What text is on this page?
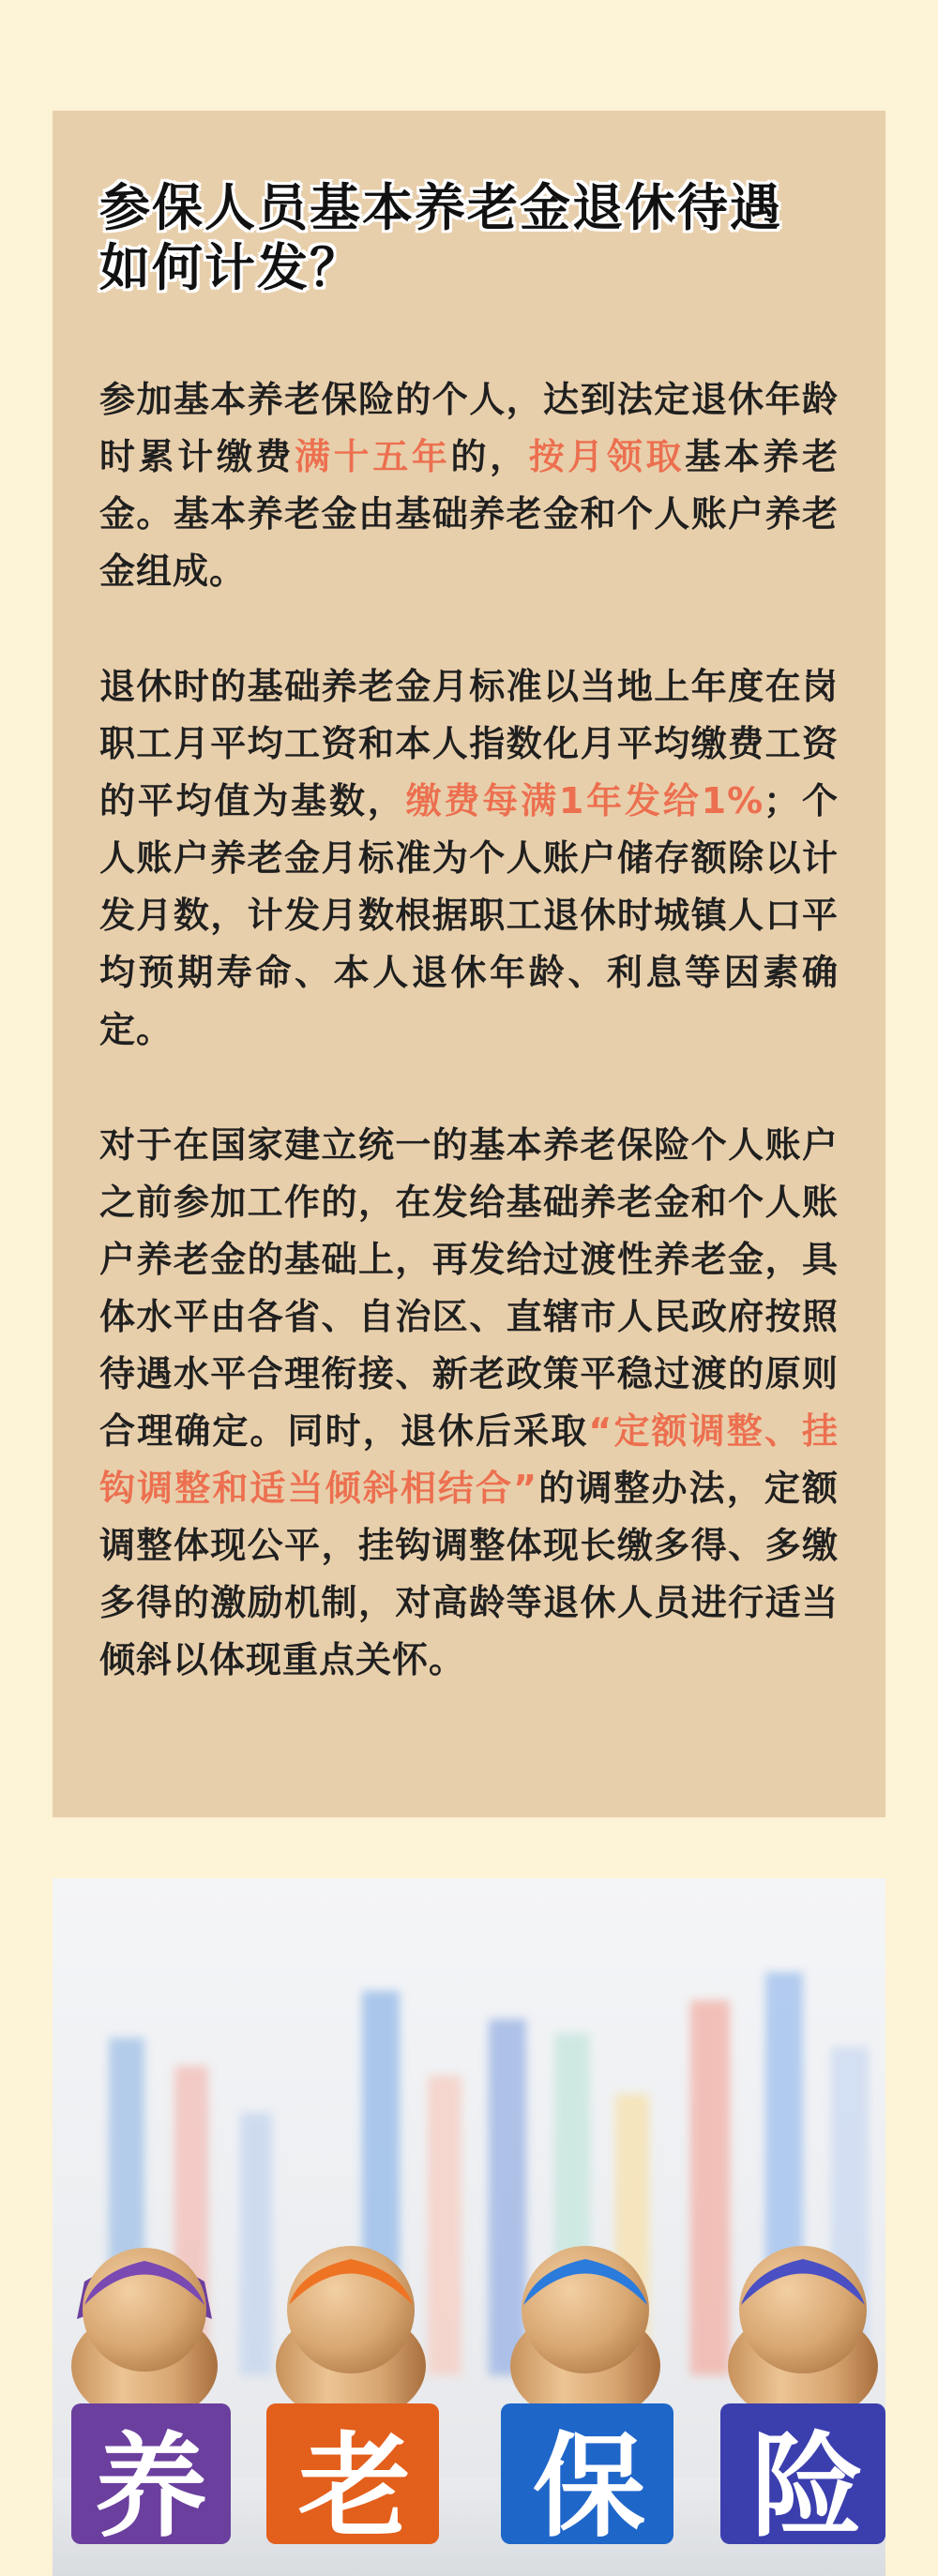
参保人员基本养老金退休待遇
如何计发？

参加基本养老保险的个人，达到法定退休年龄时累计缴费满十五年的，按月领取基本养老金。基本养老金由基础养老金和个人账户养老金组成。

退休时的基础养老金月标准以当地上年度在岗职工月平均工资和本人指数化月平均缴费工资的平均值为基数，缴费每满1年发给1%；个人账户养老金月标准为个人账户储存额除以计发月数，计发月数根据职工退休时城镇人口平均预期寿命、本人退休年龄、利息等因素确定。

对于在国家建立统一的基本养老保险个人账户之前参加工作的，在发给基础养老金和个人账户养老金的基础上，再发给过渡性养老金，具体水平由各省、自治区、直辖市人民政府按照待遇水平合理衔接、新老政策平稳过渡的原则合理确定。同时，退休后采取“定额调整、挂钩调整和适当倾斜相结合”的调整办法，定额调整体现公平，挂钩调整体现长缴多得、多缴多得的激励机制，对高龄等退休人员进行适当倾斜以体现重点关怀。

养 老 保 险
